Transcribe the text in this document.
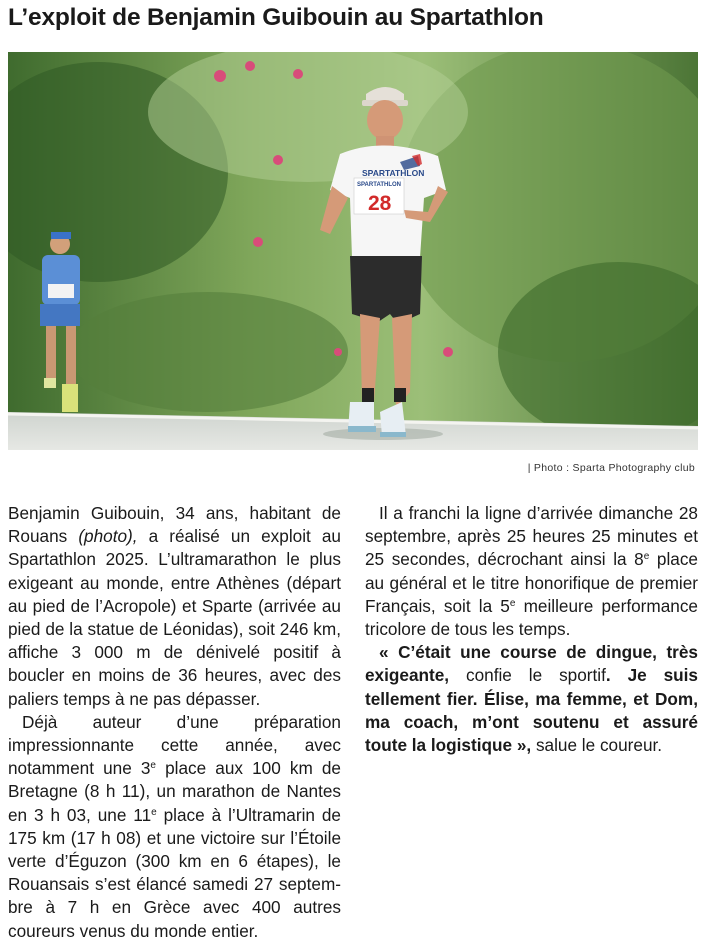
L’exploit de Benjamin Guibouin au Spartathlon
SPARTATHLON
SPARTATHLON
28
| Photo : Sparta Photography club

Benjamin Guibouin, 34 ans, habitant de Rouans (photo), a réalisé un exploit au Spartathlon 2025. L’ultramarathon le plus exigeant au monde, entre Athènes (départ au pied de l’Acropole) et Sparte (arrivée au pied de la statue de Léonidas), soit 246 km, affiche 3 000 m de dénivelé positif à boucler en moins de 36 heures, avec des paliers temps à ne pas dépasser.

Déjà auteur d’une préparation impressionnante cette année, avec notamment une 3e place aux 100 km de Bretagne (8 h 11), un marathon de Nantes en 3 h 03, une 11e place à l’Ultramarin de 175 km (17 h 08) et une victoire sur l’Étoile verte d’Éguzon (300 km en 6 étapes), le Rouansais s’est élancé samedi 27 septembre à 7 h en Grèce avec 400 autres coureurs venus du monde entier.

Il a franchi la ligne d’arrivée dimanche 28 septembre, après 25 heures 25 minutes et 25 secondes, décrochant ainsi la 8e place au général et le titre honorifique de premier Français, soit la 5e meilleure performance tricolore de tous les temps.

« C’était une course de dingue, très exigeante, confie le sportif. Je suis tellement fier. Élise, ma femme, et Dom, ma coach, m’ont soutenu et assuré toute la logistique », salue le coureur.
